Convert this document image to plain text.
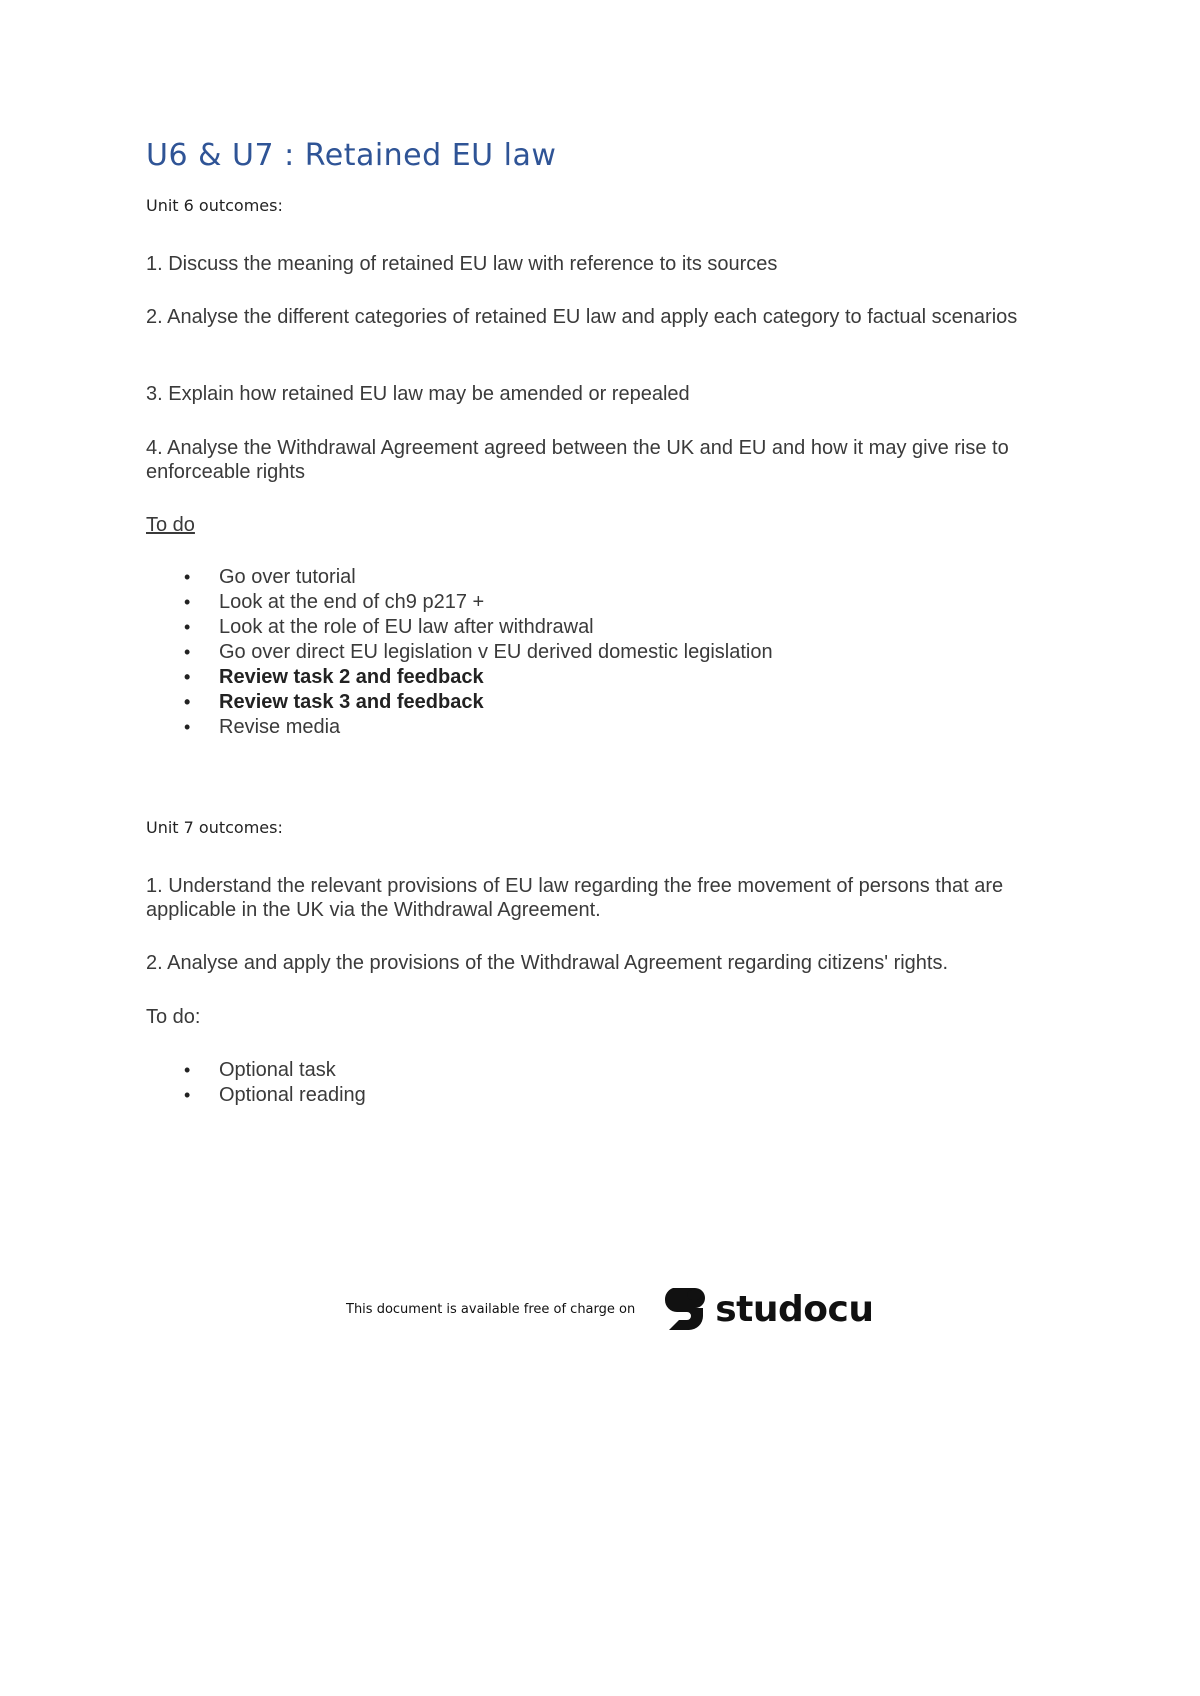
U6 & U7 : Retained EU law
Unit 6 outcomes:

1. Discuss the meaning of retained EU law with reference to its sources

2. Analyse the different categories of retained EU law and apply each category to factual scenarios

3. Explain how retained EU law may be amended or repealed

4. Analyse the Withdrawal Agreement agreed between the UK and EU and how it may give rise to enforceable rights

To do

• Go over tutorial
• Look at the end of ch9 p217 +
• Look at the role of EU law after withdrawal
• Go over direct EU legislation v EU derived domestic legislation
• Review task 2 and feedback
• Review task 3 and feedback
• Revise media
Unit 7 outcomes:

1. Understand the relevant provisions of EU law regarding the free movement of persons that are applicable in the UK via the Withdrawal Agreement.

2. Analyse and apply the provisions of the Withdrawal Agreement regarding citizens' rights.

To do:

• Optional task
• Optional reading
This document is available free of charge on studocu
